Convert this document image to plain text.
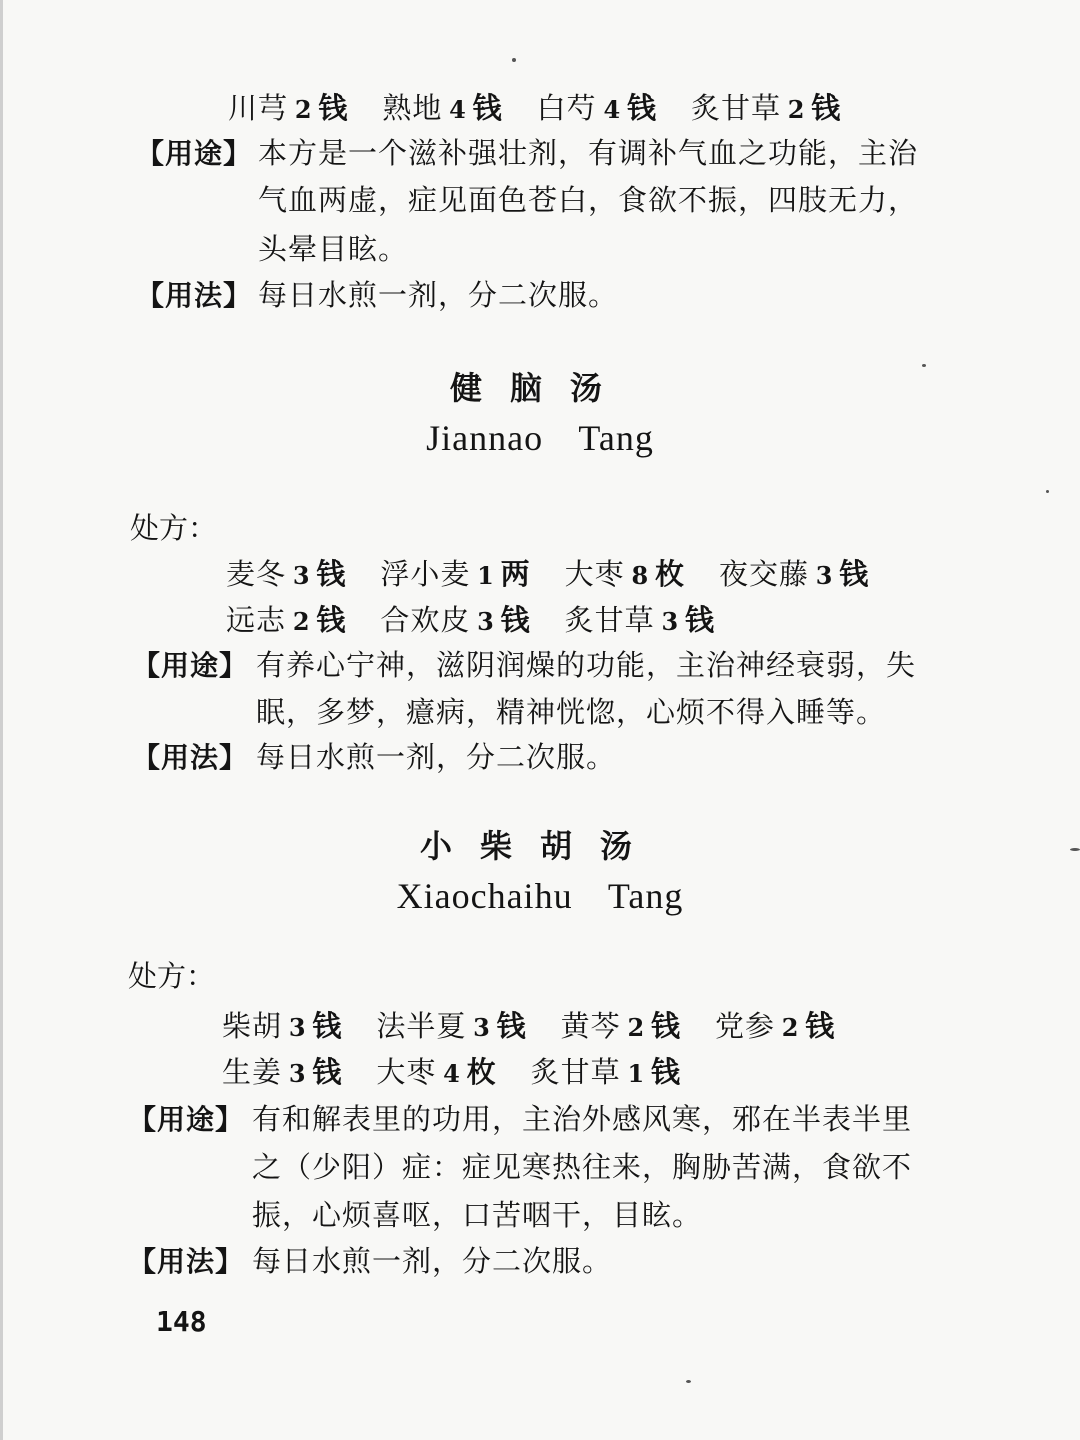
川芎  2  钱 熟地  4  钱 白芍  4  钱 炙甘草  2  钱
【用途】 本方是一个滋补强壮剂，有调补气血之功能，主治
气血两虚，症见面色苍白，食欲不振，四肢无力，
头晕目眩。
【用法】 每日水煎一剂，分二次服。
健脑汤
Jiannao Tang
处方：
麦冬  3  钱 浮小麦  1  两 大枣  8  枚 夜交藤  3  钱
远志  2  钱 合欢皮  3  钱 炙甘草  3  钱
【用途】 有养心宁神，滋阴润燥的功能，主治神经衰弱，失
眠，多梦，癔病，精神恍惚，心烦不得入睡等。
【用法】 每日水煎一剂，分二次服。
小柴胡汤
Xiaochaihu Tang
处方：
柴胡  3  钱 法半夏  3  钱 黄芩  2  钱 党参  2  钱
生姜  3  钱 大枣  4  枚 炙甘草  1  钱
【用途】 有和解表里的功用，主治外感风寒，邪在半表半里
之（少阳）症：症见寒热往来，胸胁苦满，食欲不
振，心烦喜呕，口苦咽干，目眩。
【用法】 每日水煎一剂，分二次服。
148
